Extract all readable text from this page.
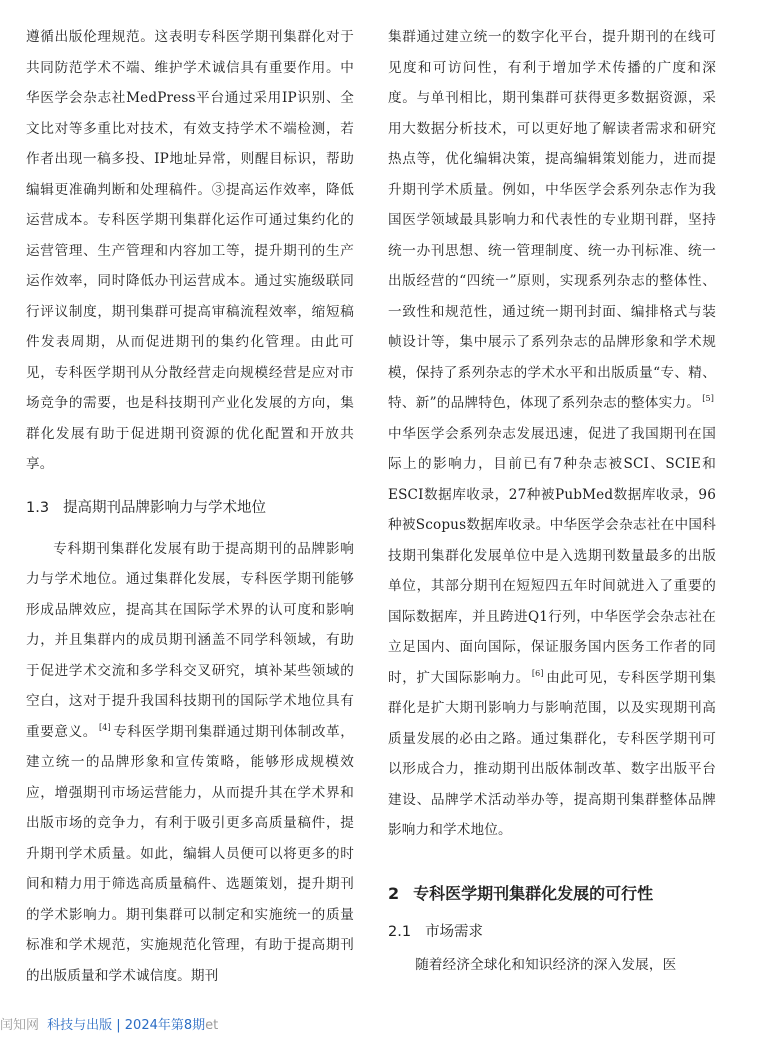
遵循出版伦理规范。这表明专科医学期刊集群化对于共同防范学术不端、维护学术诚信具有重要作用。中华医学会杂志社MedPress平台通过采用IP识别、全文比对等多重比对技术，有效支持学术不端检测，若作者出现一稿多投、IP地址异常，则醒目标识，帮助编辑更准确判断和处理稿件。③提高运作效率，降低运营成本。专科医学期刊集群化运作可通过集约化的运营管理、生产管理和内容加工等，提升期刊的生产运作效率，同时降低办刊运营成本。通过实施级联同行评议制度，期刊集群可提高审稿流程效率，缩短稿件发表周期，从而促进期刊的集约化管理。由此可见，专科医学期刊从分散经营走向规模经营是应对市场竞争的需要，也是科技期刊产业化发展的方向，集群化发展有助于促进期刊资源的优化配置和开放共享。

1.3 提高期刊品牌影响力与学术地位

专科期刊集群化发展有助于提高期刊的品牌影响力与学术地位。通过集群化发展，专科医学期刊能够形成品牌效应，提高其在国际学术界的认可度和影响力，并且集群内的成员期刊涵盖不同学科领域，有助于促进学术交流和多学科交叉研究，填补某些领域的空白，这对于提升我国科技期刊的国际学术地位具有重要意义。 [4] 专科医学期刊集群通过期刊体制改革，建立统一的品牌形象和宣传策略，能够形成规模效应，增强期刊市场运营能力，从而提升其在学术界和出版市场的竞争力，有利于吸引更多高质量稿件，提升期刊学术质量。如此，编辑人员便可以将更多的时间和精力用于筛选高质量稿件、选题策划，提升期刊的学术影响力。期刊集群可以制定和实施统一的质量标准和学术规范，实施规范化管理，有助于提高期刊的出版质量和学术诚信度。期刊

集群通过建立统一的数字化平台，提升期刊的在线可见度和可访问性，有利于增加学术传播的广度和深度。与单刊相比，期刊集群可获得更多数据资源，采用大数据分析技术，可以更好地了解读者需求和研究热点等，优化编辑决策，提高编辑策划能力，进而提升期刊学术质量。例如，中华医学会系列杂志作为我国医学领域最具影响力和代表性的专业期刊群，坚持统一办刊思想、统一管理制度、统一办刊标准、统一出版经营的“四统一”原则，实现系列杂志的整体性、一致性和规范性，通过统一期刊封面、编排格式与装帧设计等，集中展示了系列杂志的品牌形象和学术规模，保持了系列杂志的学术水平和出版质量“专、精、特、新”的品牌特色，体现了系列杂志的整体实力。 [5]中华医学会系列杂志发展迅速，促进了我国期刊在国际上的影响力，目前已有7种杂志被SCI、SCIE和ESCI数据库收录，27种被PubMed数据库收录，96种被Scopus数据库收录。中华医学会杂志社在中国科技期刊集群化发展单位中是入选期刊数量最多的出版单位，其部分期刊在短短四五年时间就进入了重要的国际数据库，并且跨进Q1行列，中华医学会杂志社在立足国内、面向国际，保证服务国内医务工作者的同时，扩大国际影响力。 [6] 由此可见，专科医学期刊集群化是扩大期刊影响力与影响范围，以及实现期刊高质量发展的必由之路。通过集群化，专科医学期刊可以形成合力，推动期刊出版体制改革、数字出版平台建设、品牌学术活动举办等，提高期刊集群整体品牌影响力和学术地位。

2 专科医学期刊集群化发展的可行性
2.1 市场需求

随着经济全球化和知识经济的深入发展，医

闰知网 科技与出版 | 2024年第8期et
